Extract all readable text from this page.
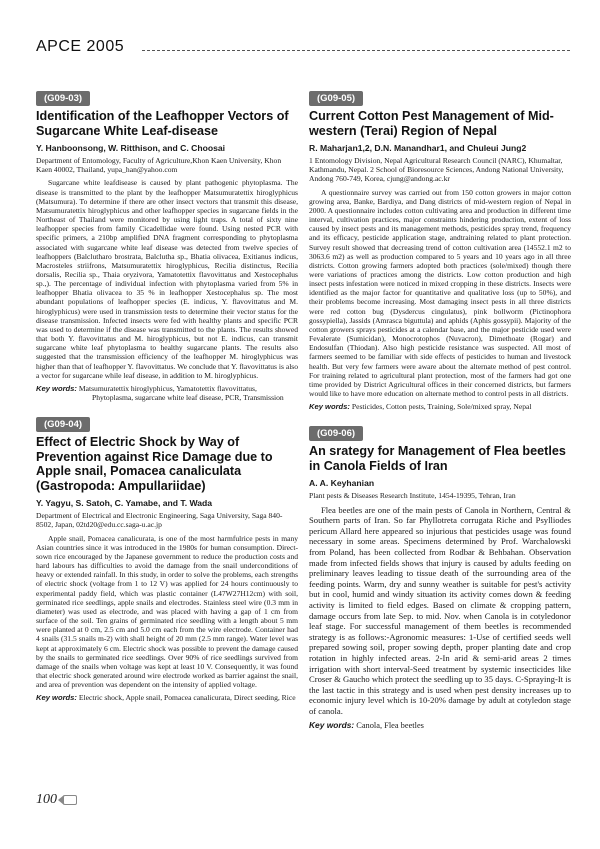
APCE 2005
(G09-03)
Identification of the Leafhopper Vectors of Sugarcane White Leaf-disease
Y. Hanboonsong, W. Ritthison, and C. Choosai
Department of Entomology, Faculty of Agriculture,Khon Kaen University, Khon Kaen 40002, Thailand, yupa_han@yahoo.com
Sugarcane white leafdisease is caused by plant pathogenic phytoplasma. The disease is transmitted to the plant by the leafhopper Matsumuratettix hiroglyphicus (Matsumura). To determine if there are other insect vectors that transmit this disease, Matsumuratettix hiroglyphicus and other leafhopper species in sugarcane fields in the Northeast of Thailand were monitored by using light traps. A total of sixty nine leafhopper species from family Cicadellidae were found. Using nested PCR with specific primers, a 210bp amplified DNA fragment corresponding to phytoplasma associated with sugarcane white leaf disease was detected from twelve species of leafhoppers (Balclutharo brostrata, Balclutha sp., Bhatia olivacea, Exitianus indicus, Macrosteles striifrons, Matsumuratettix hiroglyphicus, Recilia distinctus, Recilia dorsalis, Recilia sp., Thaia oryzivora, Yamatotettix flavovittatus and Xestocephalus sp.,). The percentage of individual infection with phytoplasma varied from 5% in leafhopper Bhatia olivacea to 35 % in leafhopper Xestocephalus sp. The most abundant populations of leafhopper species (E. indicus, Y. flavovittatus and M. hiroglyphicus) were used in transmission tests to determine their vector status for the disease transmission. Infected insects were fed with healthy plants and specific PCR was used to determine if the disease was transmitted to the plants. The results showed that both Y. flavovittatus and M. hiroglyphicus, but not E. indicus, can transmit sugarcane white leaf phytoplasma to healthy sugarcane plants. The results also suggested that the transmission efficiency of the leafhopper M. hiroglyphicus was higher than that of leafhopper Y. flavovittatus. We conclude that Y. flavovittatus is also a vector for sugarcane while leaf disease, in addition to M. hiroglyphicus.
Key words: Matsumuratettix hiroglyphicus, Yamatotettix flavovittatus, Phytoplasma, sugarcane white leaf disease, PCR, Transmission
(G09-04)
Effect of Electric Shock by Way of Prevention against Rice Damage due to Apple snail, Pomacea canaliculata (Gastropoda: Ampullariidae)
Y. Yagyu, S. Satoh, C. Yamabe, and T. Wada
Department of Electrical and Electronic Engineering, Saga University, Saga 840-8502, Japan, 02td20@edu.cc.saga-u.ac.jp
Apple snail, Pomacea canalicurata, is one of the most harmfulrice pests in many Asian countries since it was introduced in the 1980s for human consumption. Direct-sown rice encouraged by the Japanese government to reduce the production costs and hard labours has difficulties to avoid the damage from the snail underconditions of heavy or extended rainfall. In this study, in order to solve the problems, each strengths of electric shock (voltage from 1 to 12 V) was applied for 24 hours continuously to experimental paddy field, which was plastic container (L47W27H12cm) with soil, germinated rice seedlings, apple snails and electrodes. Stainless steel wire (0.3 mm in diameter) was used as electrode, and was placed with having a gap of 1 cm from surface of the soil. Ten grains of germinated rice seedling with a length about 5 mm were planted at 0 cm, 2.5 cm and 5.0 cm each from the wire electrode. Container had 4 snails (31.5 snails m-2) with shall height of 20 mm (2.5 mm range). Water level was kept at approximately 6 cm. Electric shock was possible to prevent the damage caused by the snails to germinated rice seedlings. Over 90% of rice seedlings survived from damage of the snails when voltage was kept at least 10 V. Consequently, it was found that electric shock generated around wire electrode worked as barrier against the snail, and area of prevention was dependent on the intensity of applied voltage.
Key words: Electric shock, Apple snail, Pomacea canalicurata, Direct seeding, Rice
(G09-05)
Current Cotton Pest Management of Mid-western (Terai) Region of Nepal
R. Maharjan1,2, D.N. Manandhar1, and Chuleui Jung2
1 Entomology Division, Nepal Agricultural Research Council (NARC), Khumaltar, Kathmandu, Nepal. 2 School of Bioresource Sciences, Andong National University, Andong 760-749, Korea, cjung@andong.ac.kr
A questionnaire survey was carried out from 150 cotton growers in major cotton growing area, Banke, Bardiya, and Dang districts of mid-western region of Nepal in 2000. A questionnaire includes cotton cultivating area and production in different time interval, cultivation practices, major constraints hindering production, extent of loss caused by insect pests and its management methods, pesticides spray trend, frequency and its efficacy, pesticide application stage, andtraining related to plant protection. Survey result showed that decreasing trend of cotton cultivation area (14552.1 m2 to 3063.6 m2) as well as production compared to 5 years and 10 years ago in all three districts. Cotton growing farmers adopted both practices (sole/mixed) though there were variations of practices among the districts. Low cotton production and high insect pests infestation were noticed in mixed cropping in these districts. Insects were identified as the major factor for quantitative and qualitative loss (up to 50%), and their problems become increasing. Most damaging insect pests in all three districts were red cotton bug (Dysdercus cingulatus), pink bollworm (Pictinophora gossypiella), Jassids (Amrasca biguttula) and aphids (Aphis gossypii). Majority of the cotton growers sprays pesticides at a calendar base, and the major pesticide used were Fevalerate (Sumicidan), Monocrotophos (Nuvacron), Dimethoate (Rogar) and Endosulfan (Thiodan). Also high pesticide resistance was suspected. All most of farmers seemed to be familiar with side effects of pesticides to human and livestock health. But very few farmers were aware about the alternate method of pest control. For training related to agricultural plant protection, most of the farmers had got one time provided by District Agricultural offices in their concerned districts, but farmers would like to have more education on alternate method to control pests in all districts.
Key words: Pesticides, Cotton pests, Training, Sole/mixed spray, Nepal
(G09-06)
An srategy for Management of Flea beetles in Canola Fields of Iran
A. A. Keyhanian
Plant pests & Diseases Research Institute, 1454-19395, Tehran, Iran
Flea beetles are one of the main pests of Canola in Northern, Central & Southern parts of Iran. So far Phyllotreta corrugata Riche and Psylliodes pericum Allard here appeared so injurious that pesticides usage was found necessary in some areas. Specimens determined by Prof. Warchalowski from Poland, has been collected from Rodbar & Behbahan. Observation made from infected fields shows that injury is caused by adults feeding on preliminary leaves leading to tissue death of the surrounding area of the feeding points. Warm, dry and sunny weather is suitable for pest's activity but in cool, humid and windy situation its activity comes down & feeding activity is limited to field edges. Based on climate & cropping pattern, damage occurs from late Sep. to mid. Nov. when Canola is in cotyledonor leaf stage. For successful management of them beetles is recommended strategy is as follows:-Agronomic measures: 1-Use of certified seeds well prepared sowing soil, proper sowing depth, proper planting date and crop rotation in highly infected areas. 2-In arid & semi-arid areas 2 times irrigation with short interval-Seed treatment by systemic insecticides like Croser & Gaucho which protect the seedling up to 35 days. C-Spraying-It is the last tactic in this strategy and is used when pest density increases up to economic injury level which is 10-20% damage by adult at cotyledon stage of canola.
Key words: Canola, Flea beetles
100
